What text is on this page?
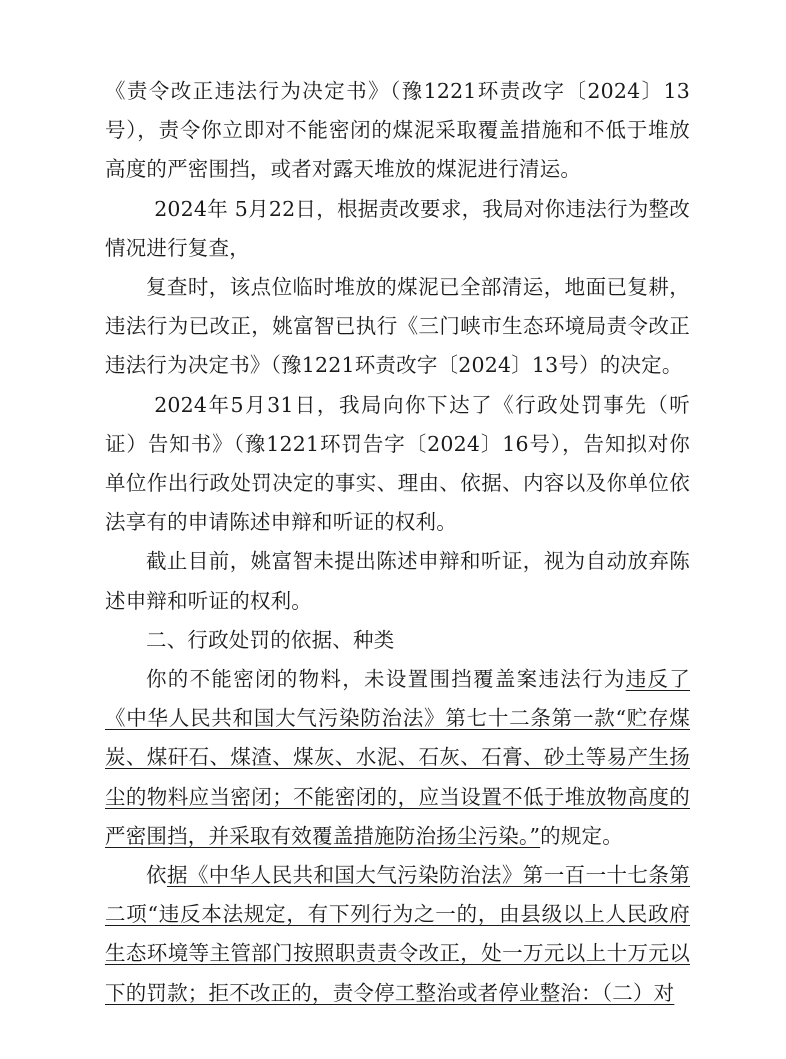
《责令改正违法行为决定书》（豫1221环责改字〔2024〕13号），责令你立即对不能密闭的煤泥采取覆盖措施和不低于堆放高度的严密围挡，或者对露天堆放的煤泥进行清运。

2024年 5月22日，根据责改要求，我局对你违法行为整改情况进行复查，

复查时，该点位临时堆放的煤泥已全部清运，地面已复耕，违法行为已改正，姚富智已执行《三门峡市生态环境局责令改正违法行为决定书》（豫1221环责改字〔2024〕13号）的决定。

2024年5月31日，我局向你下达了《行政处罚事先（听证）告知书》（豫1221环罚告字〔2024〕16号），告知拟对你单位作出行政处罚决定的事实、理由、依据、内容以及你单位依法享有的申请陈述申辩和听证的权利。

截止目前，姚富智未提出陈述申辩和听证，视为自动放弃陈述申辩和听证的权利。

二、行政处罚的依据、种类

你的不能密闭的物料，未设置围挡覆盖案违法行为违反了《中华人民共和国大气污染防治法》第七十二条第一款“贮存煤炭、煤矸石、煤渣、煤灰、水泥、石灰、石膏、砂土等易产生扬尘的物料应当密闭；不能密闭的，应当设置不低于堆放物高度的严密围挡，并采取有效覆盖措施防治扬尘污染。”的规定。

依据《中华人民共和国大气污染防治法》第一百一十七条第二项“违反本法规定，有下列行为之一的，由县级以上人民政府生态环境等主管部门按照职责责令改正，处一万元以上十万元以下的罚款；拒不改正的，责令停工整治或者停业整治：（二）对
